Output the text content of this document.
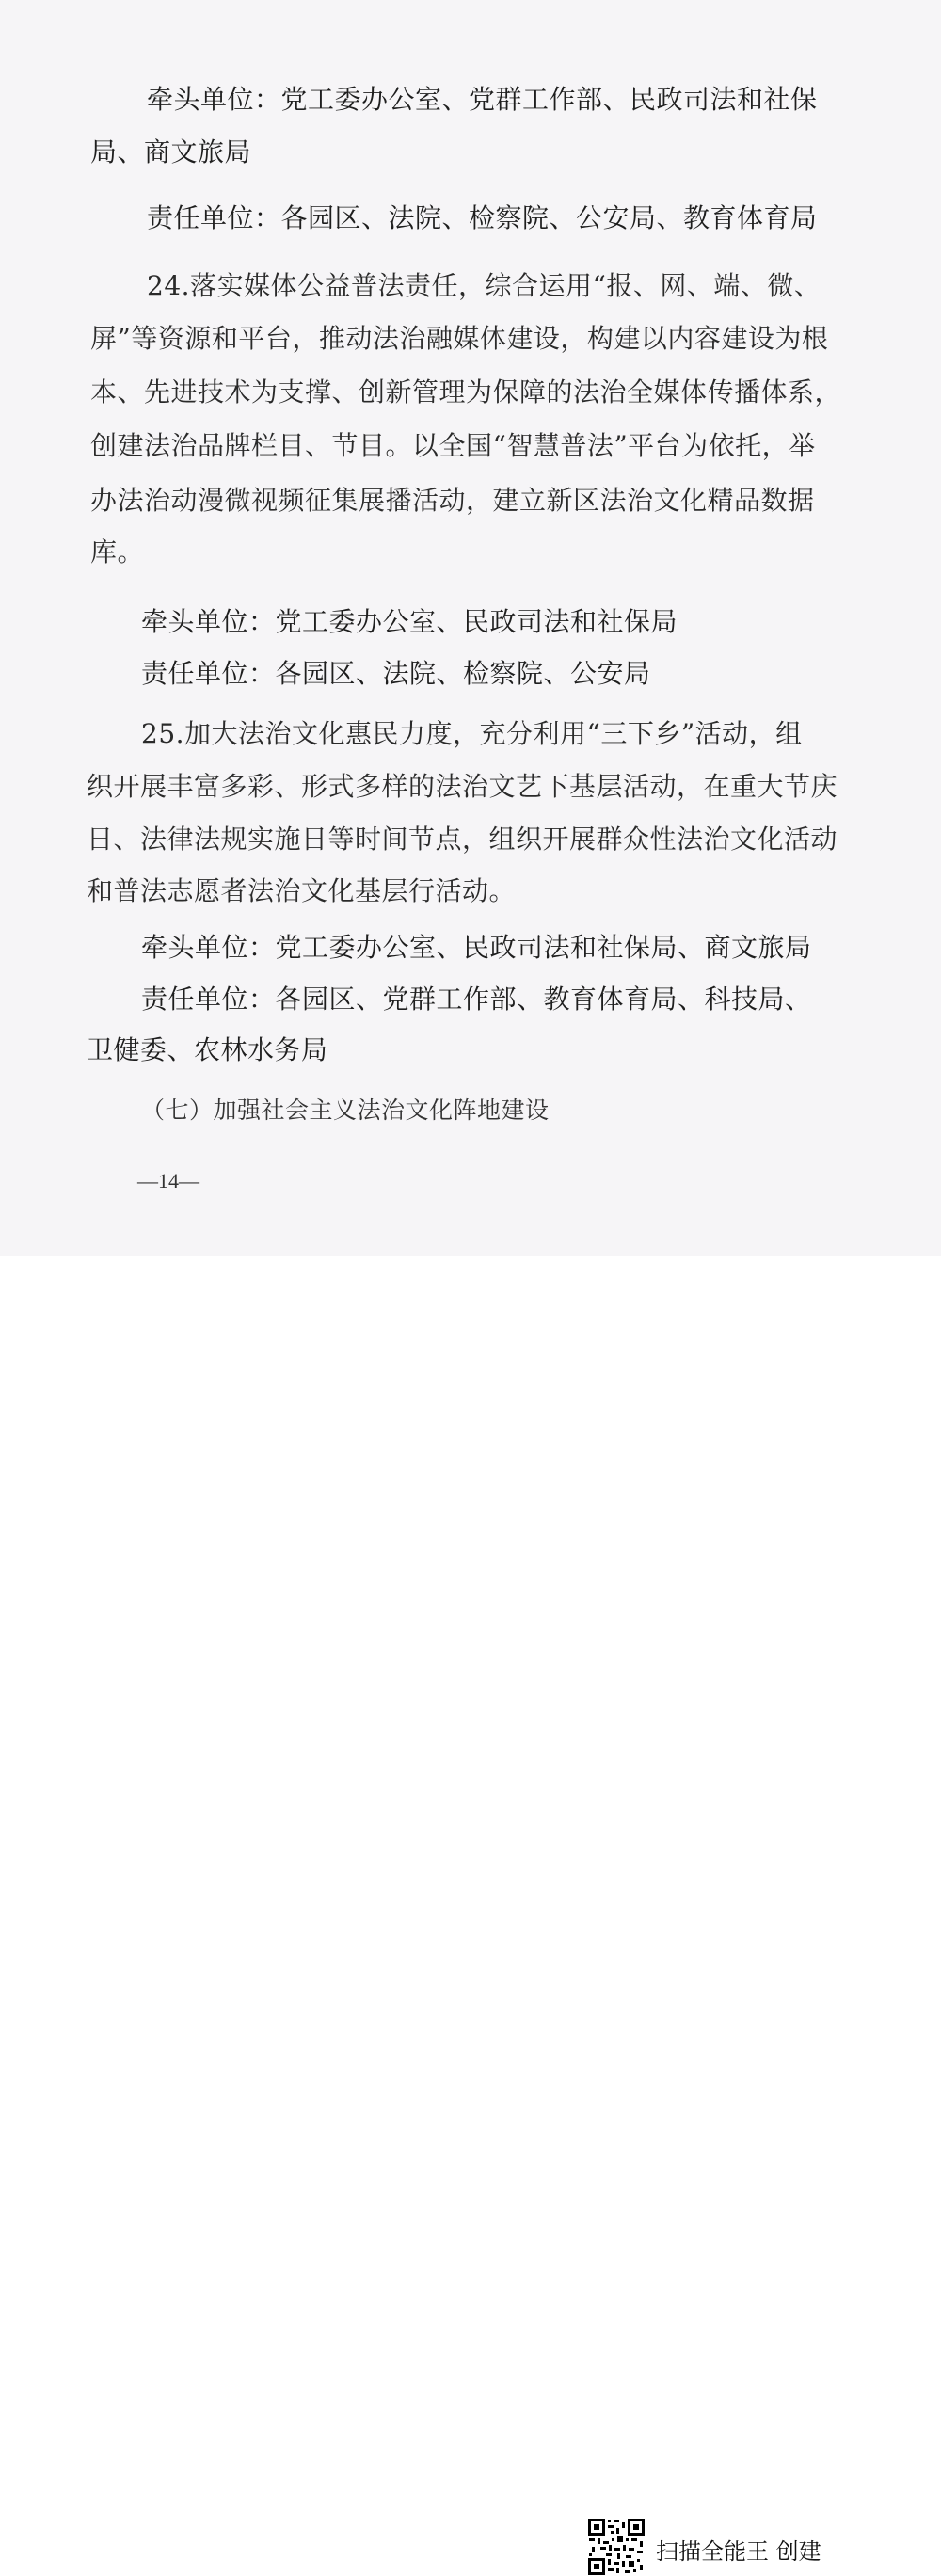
牵头单位：党工委办公室、党群工作部、民政司法和社保
局、商文旅局
责任单位：各园区、法院、检察院、公安局、教育体育局
24.落实媒体公益普法责任，综合运用“报、网、端、微、
屏”等资源和平台，推动法治融媒体建设，构建以内容建设为根
本、先进技术为支撑、创新管理为保障的法治全媒体传播体系，
创建法治品牌栏目、节目。以全国“智慧普法”平台为依托，举
办法治动漫微视频征集展播活动，建立新区法治文化精品数据
库。
牵头单位：党工委办公室、民政司法和社保局
责任单位：各园区、法院、检察院、公安局
25.加大法治文化惠民力度，充分利用“三下乡”活动，组
织开展丰富多彩、形式多样的法治文艺下基层活动，在重大节庆
日、法律法规实施日等时间节点，组织开展群众性法治文化活动
和普法志愿者法治文化基层行活动。
牵头单位：党工委办公室、民政司法和社保局、商文旅局
责任单位：各园区、党群工作部、教育体育局、科技局、
卫健委、农林水务局
（七）加强社会主义法治文化阵地建设
—14—
扫描全能王 创建
